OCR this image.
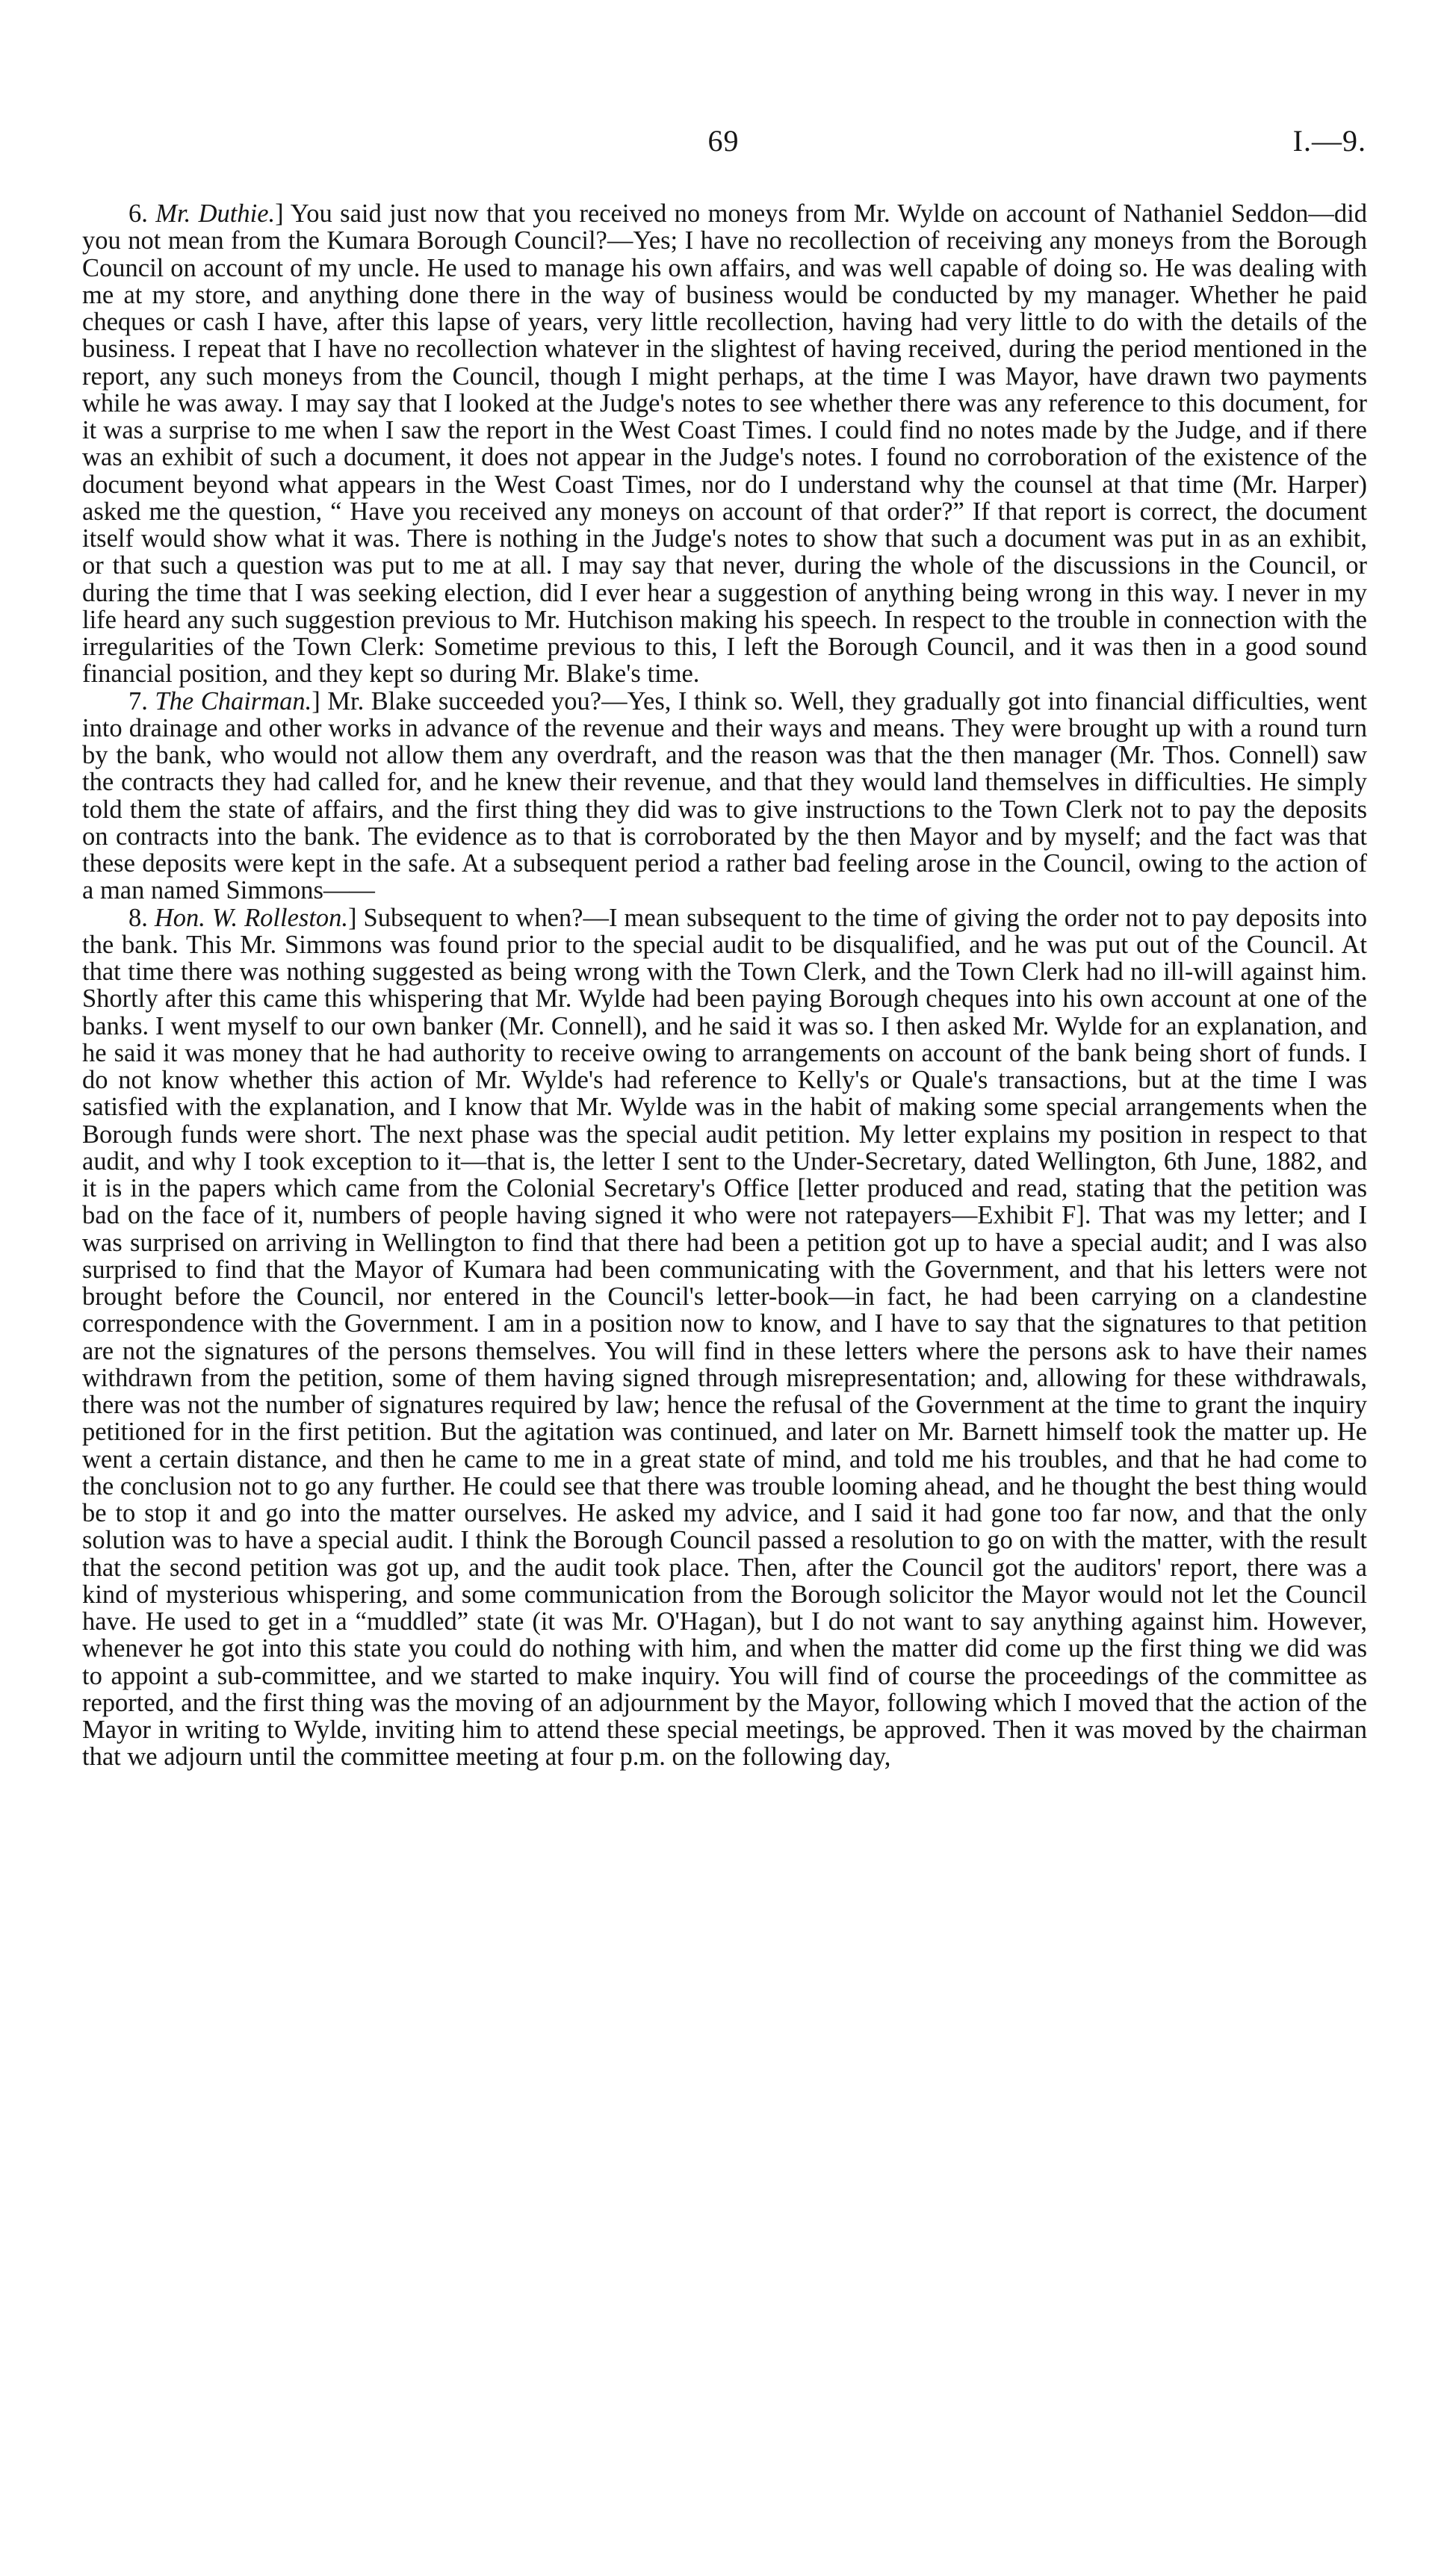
69	I.—9.

6. Mr. Duthie.] You said just now that you received no moneys from Mr. Wylde on account of Nathaniel Seddon—did you not mean from the Kumara Borough Council?—Yes; I have no recollection of receiving any moneys from the Borough Council on account of my uncle. He used to manage his own affairs, and was well capable of doing so. He was dealing with me at my store, and anything done there in the way of business would be conducted by my manager. Whether he paid cheques or cash I have, after this lapse of years, very little recollection, having had very little to do with the details of the business. I repeat that I have no recollection whatever in the slightest of having received, during the period mentioned in the report, any such moneys from the Council, though I might perhaps, at the time I was Mayor, have drawn two payments while he was away. I may say that I looked at the Judge's notes to see whether there was any reference to this document, for it was a surprise to me when I saw the report in the West Coast Times. I could find no notes made by the Judge, and if there was an exhibit of such a document, it does not appear in the Judge's notes. I found no corroboration of the existence of the document beyond what appears in the West Coast Times, nor do I understand why the counsel at that time (Mr. Harper) asked me the question, “ Have you received any moneys on account of that order?” If that report is correct, the document itself would show what it was. There is nothing in the Judge's notes to show that such a document was put in as an exhibit, or that such a question was put to me at all. I may say that never, during the whole of the discussions in the Council, or during the time that I was seeking election, did I ever hear a suggestion of anything being wrong in this way. I never in my life heard any such suggestion previous to Mr. Hutchison making his speech. In respect to the trouble in connection with the irregularities of the Town Clerk: Sometime previous to this, I left the Borough Council, and it was then in a good sound financial position, and they kept so during Mr. Blake's time.

7. The Chairman.] Mr. Blake succeeded you?—Yes, I think so. Well, they gradually got into financial difficulties, went into drainage and other works in advance of the revenue and their ways and means. They were brought up with a round turn by the bank, who would not allow them any overdraft, and the reason was that the then manager (Mr. Thos. Connell) saw the contracts they had called for, and he knew their revenue, and that they would land themselves in difficulties. He simply told them the state of affairs, and the first thing they did was to give instructions to the Town Clerk not to pay the deposits on contracts into the bank. The evidence as to that is corroborated by the then Mayor and by myself; and the fact was that these deposits were kept in the safe. At a subsequent period a rather bad feeling arose in the Council, owing to the action of a man named Simmons——

8. Hon. W. Rolleston.] Subsequent to when?—I mean subsequent to the time of giving the order not to pay deposits into the bank. This Mr. Simmons was found prior to the special audit to be disqualified, and he was put out of the Council. At that time there was nothing suggested as being wrong with the Town Clerk, and the Town Clerk had no ill-will against him. Shortly after this came this whispering that Mr. Wylde had been paying Borough cheques into his own account at one of the banks. I went myself to our own banker (Mr. Connell), and he said it was so. I then asked Mr. Wylde for an explanation, and he said it was money that he had authority to receive owing to arrangements on account of the bank being short of funds. I do not know whether this action of Mr. Wylde's had reference to Kelly's or Quale's transactions, but at the time I was satisfied with the explanation, and I know that Mr. Wylde was in the habit of making some special arrangements when the Borough funds were short. The next phase was the special audit petition. My letter explains my position in respect to that audit, and why I took exception to it—that is, the letter I sent to the Under-Secretary, dated Wellington, 6th June, 1882, and it is in the papers which came from the Colonial Secretary's Office [letter produced and read, stating that the petition was bad on the face of it, numbers of people having signed it who were not ratepayers—Exhibit F]. That was my letter; and I was surprised on arriving in Wellington to find that there had been a petition got up to have a special audit; and I was also surprised to find that the Mayor of Kumara had been communicating with the Government, and that his letters were not brought before the Council, nor entered in the Council's letter-book—in fact, he had been carrying on a clandestine correspondence with the Government. I am in a position now to know, and I have to say that the signatures to that petition are not the signatures of the persons themselves. You will find in these letters where the persons ask to have their names withdrawn from the petition, some of them having signed through misrepresentation; and, allowing for these withdrawals, there was not the number of signatures required by law; hence the refusal of the Government at the time to grant the inquiry petitioned for in the first petition. But the agitation was continued, and later on Mr. Barnett himself took the matter up. He went a certain distance, and then he came to me in a great state of mind, and told me his troubles, and that he had come to the conclusion not to go any further. He could see that there was trouble looming ahead, and he thought the best thing would be to stop it and go into the matter ourselves. He asked my advice, and I said it had gone too far now, and that the only solution was to have a special audit. I think the Borough Council passed a resolution to go on with the matter, with the result that the second petition was got up, and the audit took place. Then, after the Council got the auditors' report, there was a kind of mysterious whispering, and some communication from the Borough solicitor the Mayor would not let the Council have. He used to get in a “muddled” state (it was Mr. O'Hagan), but I do not want to say anything against him. However, whenever he got into this state you could do nothing with him, and when the matter did come up the first thing we did was to appoint a sub-committee, and we started to make inquiry. You will find of course the proceedings of the committee as reported, and the first thing was the moving of an adjournment by the Mayor, following which I moved that the action of the Mayor in writing to Wylde, inviting him to attend these special meetings, be approved. Then it was moved by the chairman that we adjourn until the committee meeting at four p.m. on the following day,
